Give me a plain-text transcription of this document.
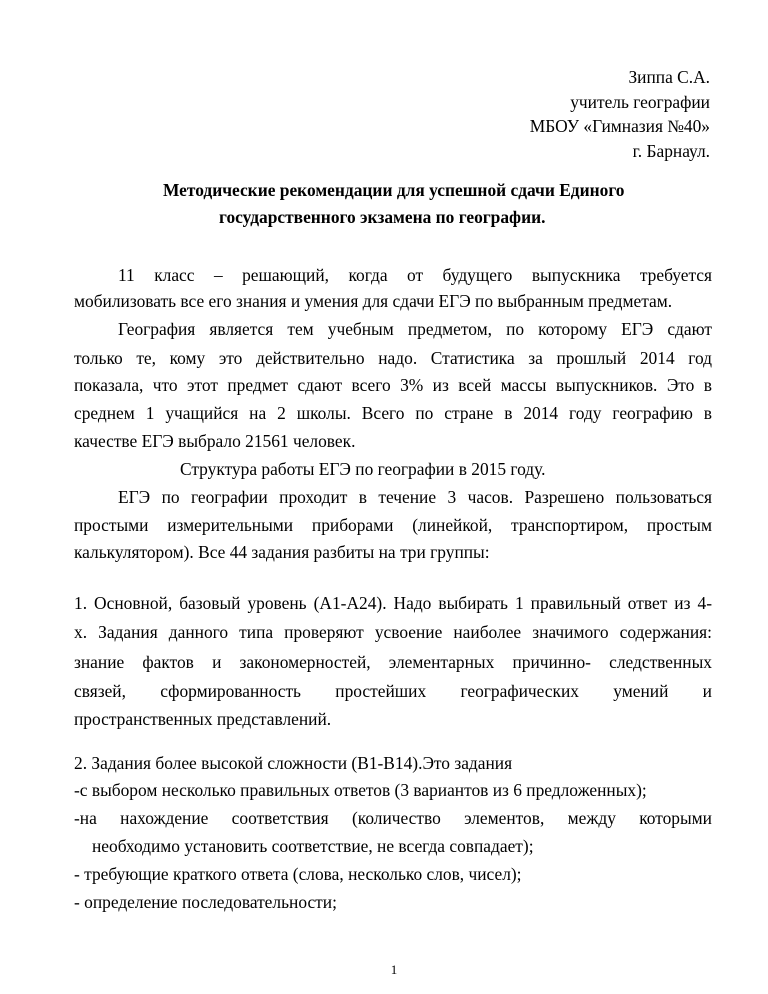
Зиппа С.А.
учитель географии
МБОУ «Гимназия №40»
г. Барнаул.
Методические рекомендации для успешной сдачи Единого
государственного экзамена по географии.
11 класс – решающий, когда от будущего выпускника требуется
мобилизовать все его знания и умения для сдачи ЕГЭ по выбранным предметам.
География является тем учебным предметом, по которому ЕГЭ сдают
только те, кому это действительно надо. Статистика за прошлый 2014 год
показала, что этот предмет сдают всего 3% из всей массы выпускников. Это в
среднем 1 учащийся на 2 школы. Всего по стране в 2014 году географию в
качестве ЕГЭ выбрало 21561 человек.
Структура работы ЕГЭ по географии в 2015 году.
ЕГЭ по географии проходит в течение 3 часов. Разрешено пользоваться
простыми измерительными приборами (линейкой, транспортиром, простым
калькулятором). Все 44 задания разбиты на три группы:
1. Основной, базовый уровень (А1-А24). Надо выбирать 1 правильный ответ из 4-
х. Задания данного типа проверяют усвоение наиболее значимого содержания:
знание фактов и закономерностей, элементарных причинно- следственных
связей, сформированность простейших географических умений и
пространственных представлений.
2. Задания более высокой сложности (В1-В14).Это задания
-с выбором несколько правильных ответов (3 вариантов из 6 предложенных);
-на нахождение соответствия (количество элементов, между которыми
необходимо установить соответствие, не всегда совпадает);
- требующие краткого ответа (слова, несколько слов, чисел);
- определение последовательности;
1
